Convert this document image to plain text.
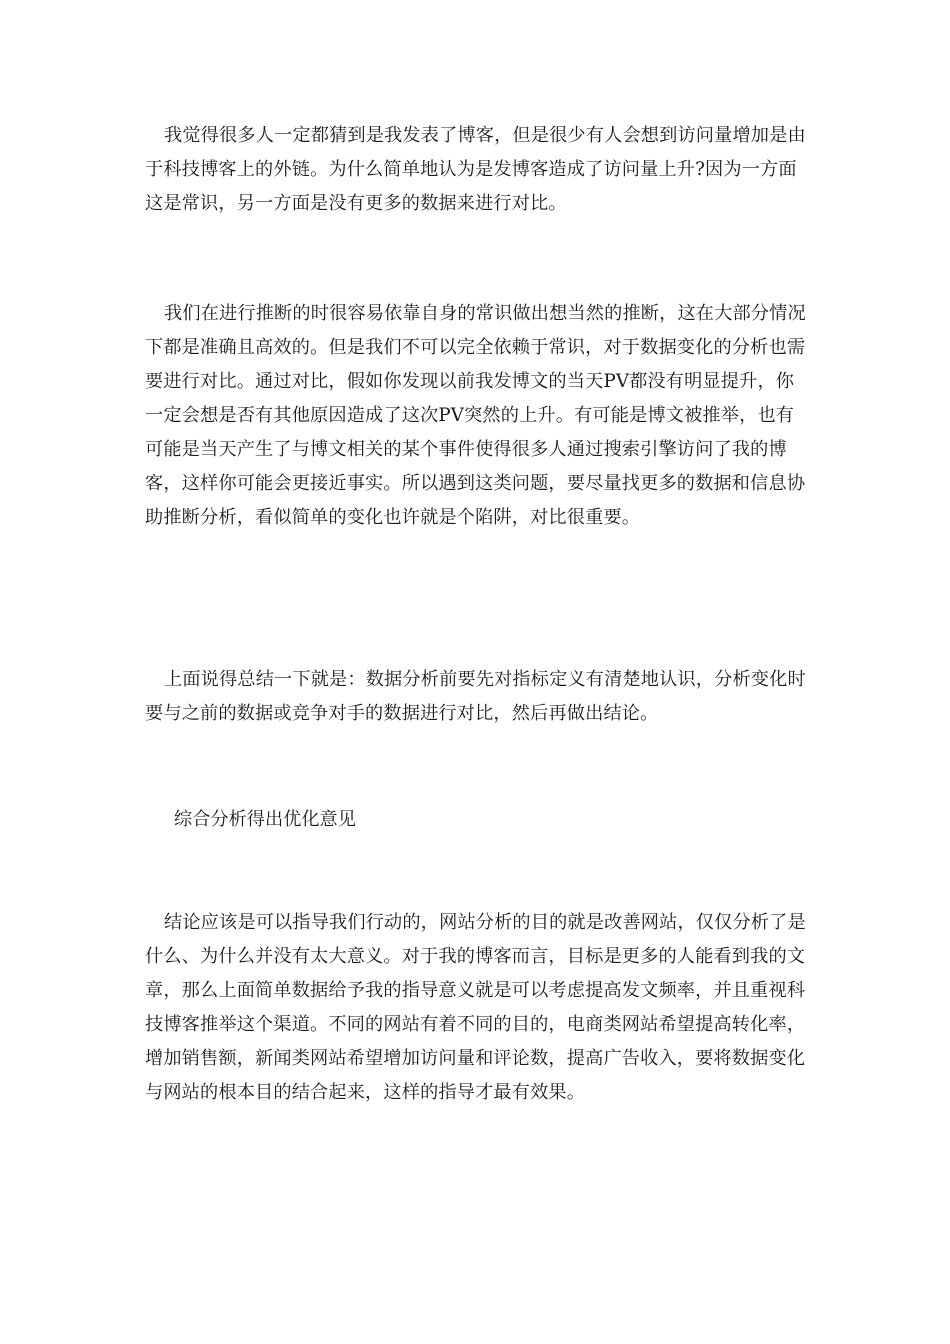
我觉得很多人一定都猜到是我发表了博客，但是很少有人会想到访问量增加是由于科技博客上的外链。为什么简单地认为是发博客造成了访问量上升?因为一方面这是常识，另一方面是没有更多的数据来进行对比。

我们在进行推断的时很容易依靠自身的常识做出想当然的推断，这在大部分情况下都是准确且高效的。但是我们不可以完全依赖于常识，对于数据变化的分析也需要进行对比。通过对比，假如你发现以前我发博文的当天PV都没有明显提升，你一定会想是否有其他原因造成了这次PV突然的上升。有可能是博文被推举，也有可能是当天产生了与博文相关的某个事件使得很多人通过搜索引擎访问了我的博客，这样你可能会更接近事实。所以遇到这类问题，要尽量找更多的数据和信息协助推断分析，看似简单的变化也许就是个陷阱，对比很重要。

上面说得总结一下就是：数据分析前要先对指标定义有清楚地认识，分析变化时要与之前的数据或竞争对手的数据进行对比，然后再做出结论。

综合分析得出优化意见

结论应该是可以指导我们行动的，网站分析的目的就是改善网站，仅仅分析了是什么、为什么并没有太大意义。对于我的博客而言，目标是更多的人能看到我的文章，那么上面简单数据给予我的指导意义就是可以考虑提高发文频率，并且重视科技博客推举这个渠道。不同的网站有着不同的目的，电商类网站希望提高转化率，增加销售额，新闻类网站希望增加访问量和评论数，提高广告收入，要将数据变化与网站的根本目的结合起来，这样的指导才最有效果。
